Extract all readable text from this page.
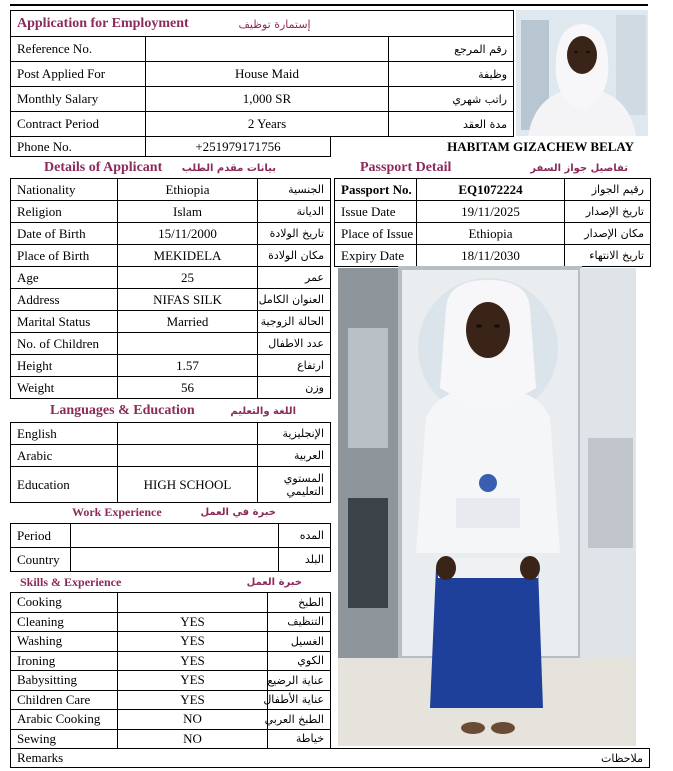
Application for Employment		إستمارة توظيف
Reference No.		رقم المرجع
Post Applied For	House Maid	وظيفة
Monthly Salary	1,000 SR	راتب شهري
Contract Period	2 Years	مدة العقد
Phone No.	+251979171756	HABITAM GIZACHEW BELAY
Details of Applicant بيانات مقدم الطلب	Passport Detail	تفاصيل جواز السفر
Nationality	Ethiopia	الجنسية
Religion	Islam	الديانة
Date of Birth	15/11/2000	تاريخ الولادة
Place of Birth	MEKIDELA	مكان الولادة
Age	25	عمر
Address	NIFAS SILK	العنوان الكامل
Marital Status	Married	الحالة الزوجية
No. of Children		عدد الاطفال
Height	1.57	ارتفاع
Weight	56	وزن
Passport No.	EQ1072224	رقيم الجواز
Issue Date	19/11/2025	تاريخ الإصدار
Place of Issue	Ethiopia	مكان الإصدار
Expiry Date	18/11/2030	تاريخ الانتهاء
Languages & Education	اللغة والتعليم
English		الإنجليزية
Arabic		العربية
Education	HIGH SCHOOL	المستوي التعليمي
Work Experience	خبرة في العمل
Period		المده
Country		البلد
Skills & Experience	خبرة العمل
Cooking		الطبخ
Cleaning	YES	التنظيف
Washing	YES	الغسيل
Ironing	YES	الكوي
Babysitting	YES	عناية الرضيع
Children Care	YES	عناية الأطفال
Arabic Cooking	NO	الطبخ العربي
Sewing	NO	خياطة
Remarks	ملاحظات
